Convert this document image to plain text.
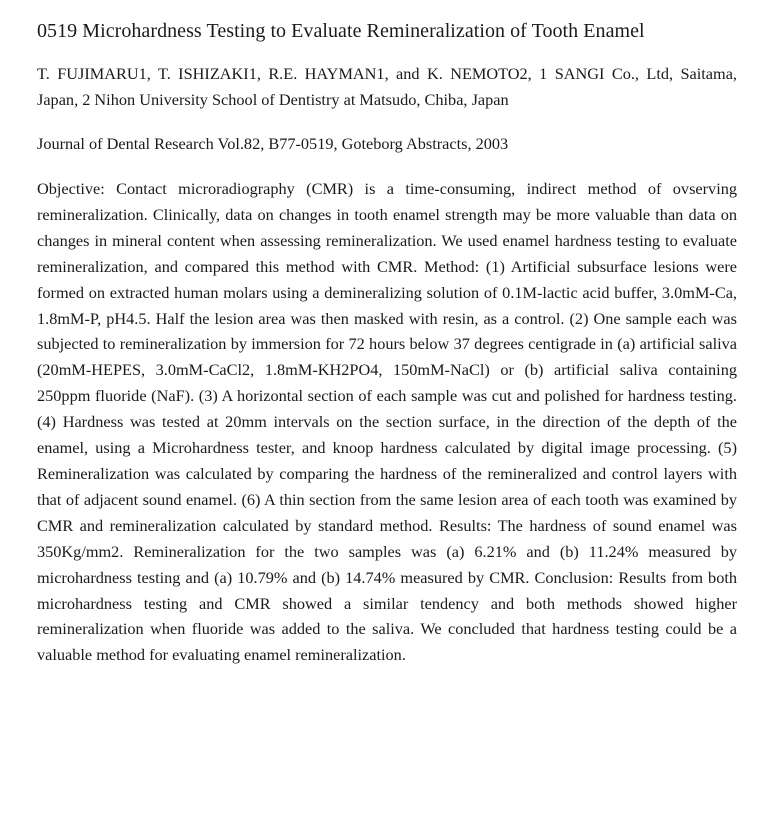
0519 Microhardness Testing to Evaluate Remineralization of Tooth Enamel
T. FUJIMARU1, T. ISHIZAKI1, R.E. HAYMAN1, and K. NEMOTO2, 1 SANGI Co., Ltd, Saitama, Japan, 2 Nihon University School of Dentistry at Matsudo, Chiba, Japan
Journal of Dental Research Vol.82, B77-0519, Goteborg Abstracts, 2003

Objective: Contact microradiography (CMR) is a time-consuming, indirect method of ovserving remineralization. Clinically, data on changes in tooth enamel strength may be more valuable than data on changes in mineral content when assessing remineralization. We used enamel hardness testing to evaluate remineralization, and compared this method with CMR. Method: (1) Artificial subsurface lesions were formed on extracted human molars using a demineralizing solution of 0.1M-lactic acid buffer, 3.0mM-Ca, 1.8mM-P, pH4.5. Half the lesion area was then masked with resin, as a control. (2) One sample each was subjected to remineralization by immersion for 72 hours below 37 degrees centigrade in (a) artificial saliva (20mM-HEPES, 3.0mM-CaCl2, 1.8mM-KH2PO4, 150mM-NaCl) or (b) artificial saliva containing 250ppm fluoride (NaF). (3) A horizontal section of each sample was cut and polished for hardness testing. (4) Hardness was tested at 20mm intervals on the section surface, in the direction of the depth of the enamel, using a Microhardness tester, and knoop hardness calculated by digital image processing. (5) Remineralization was calculated by comparing the hardness of the remineralized and control layers with that of adjacent sound enamel. (6) A thin section from the same lesion area of each tooth was examined by CMR and remineralization calculated by standard method. Results: The hardness of sound enamel was 350Kg/mm2. Remineralization for the two samples was (a) 6.21% and (b) 11.24% measured by microhardness testing and (a) 10.79% and (b) 14.74% measured by CMR. Conclusion: Results from both microhardness testing and CMR showed a similar tendency and both methods showed higher remineralization when fluoride was added to the saliva. We concluded that hardness testing could be a valuable method for evaluating enamel remineralization.
